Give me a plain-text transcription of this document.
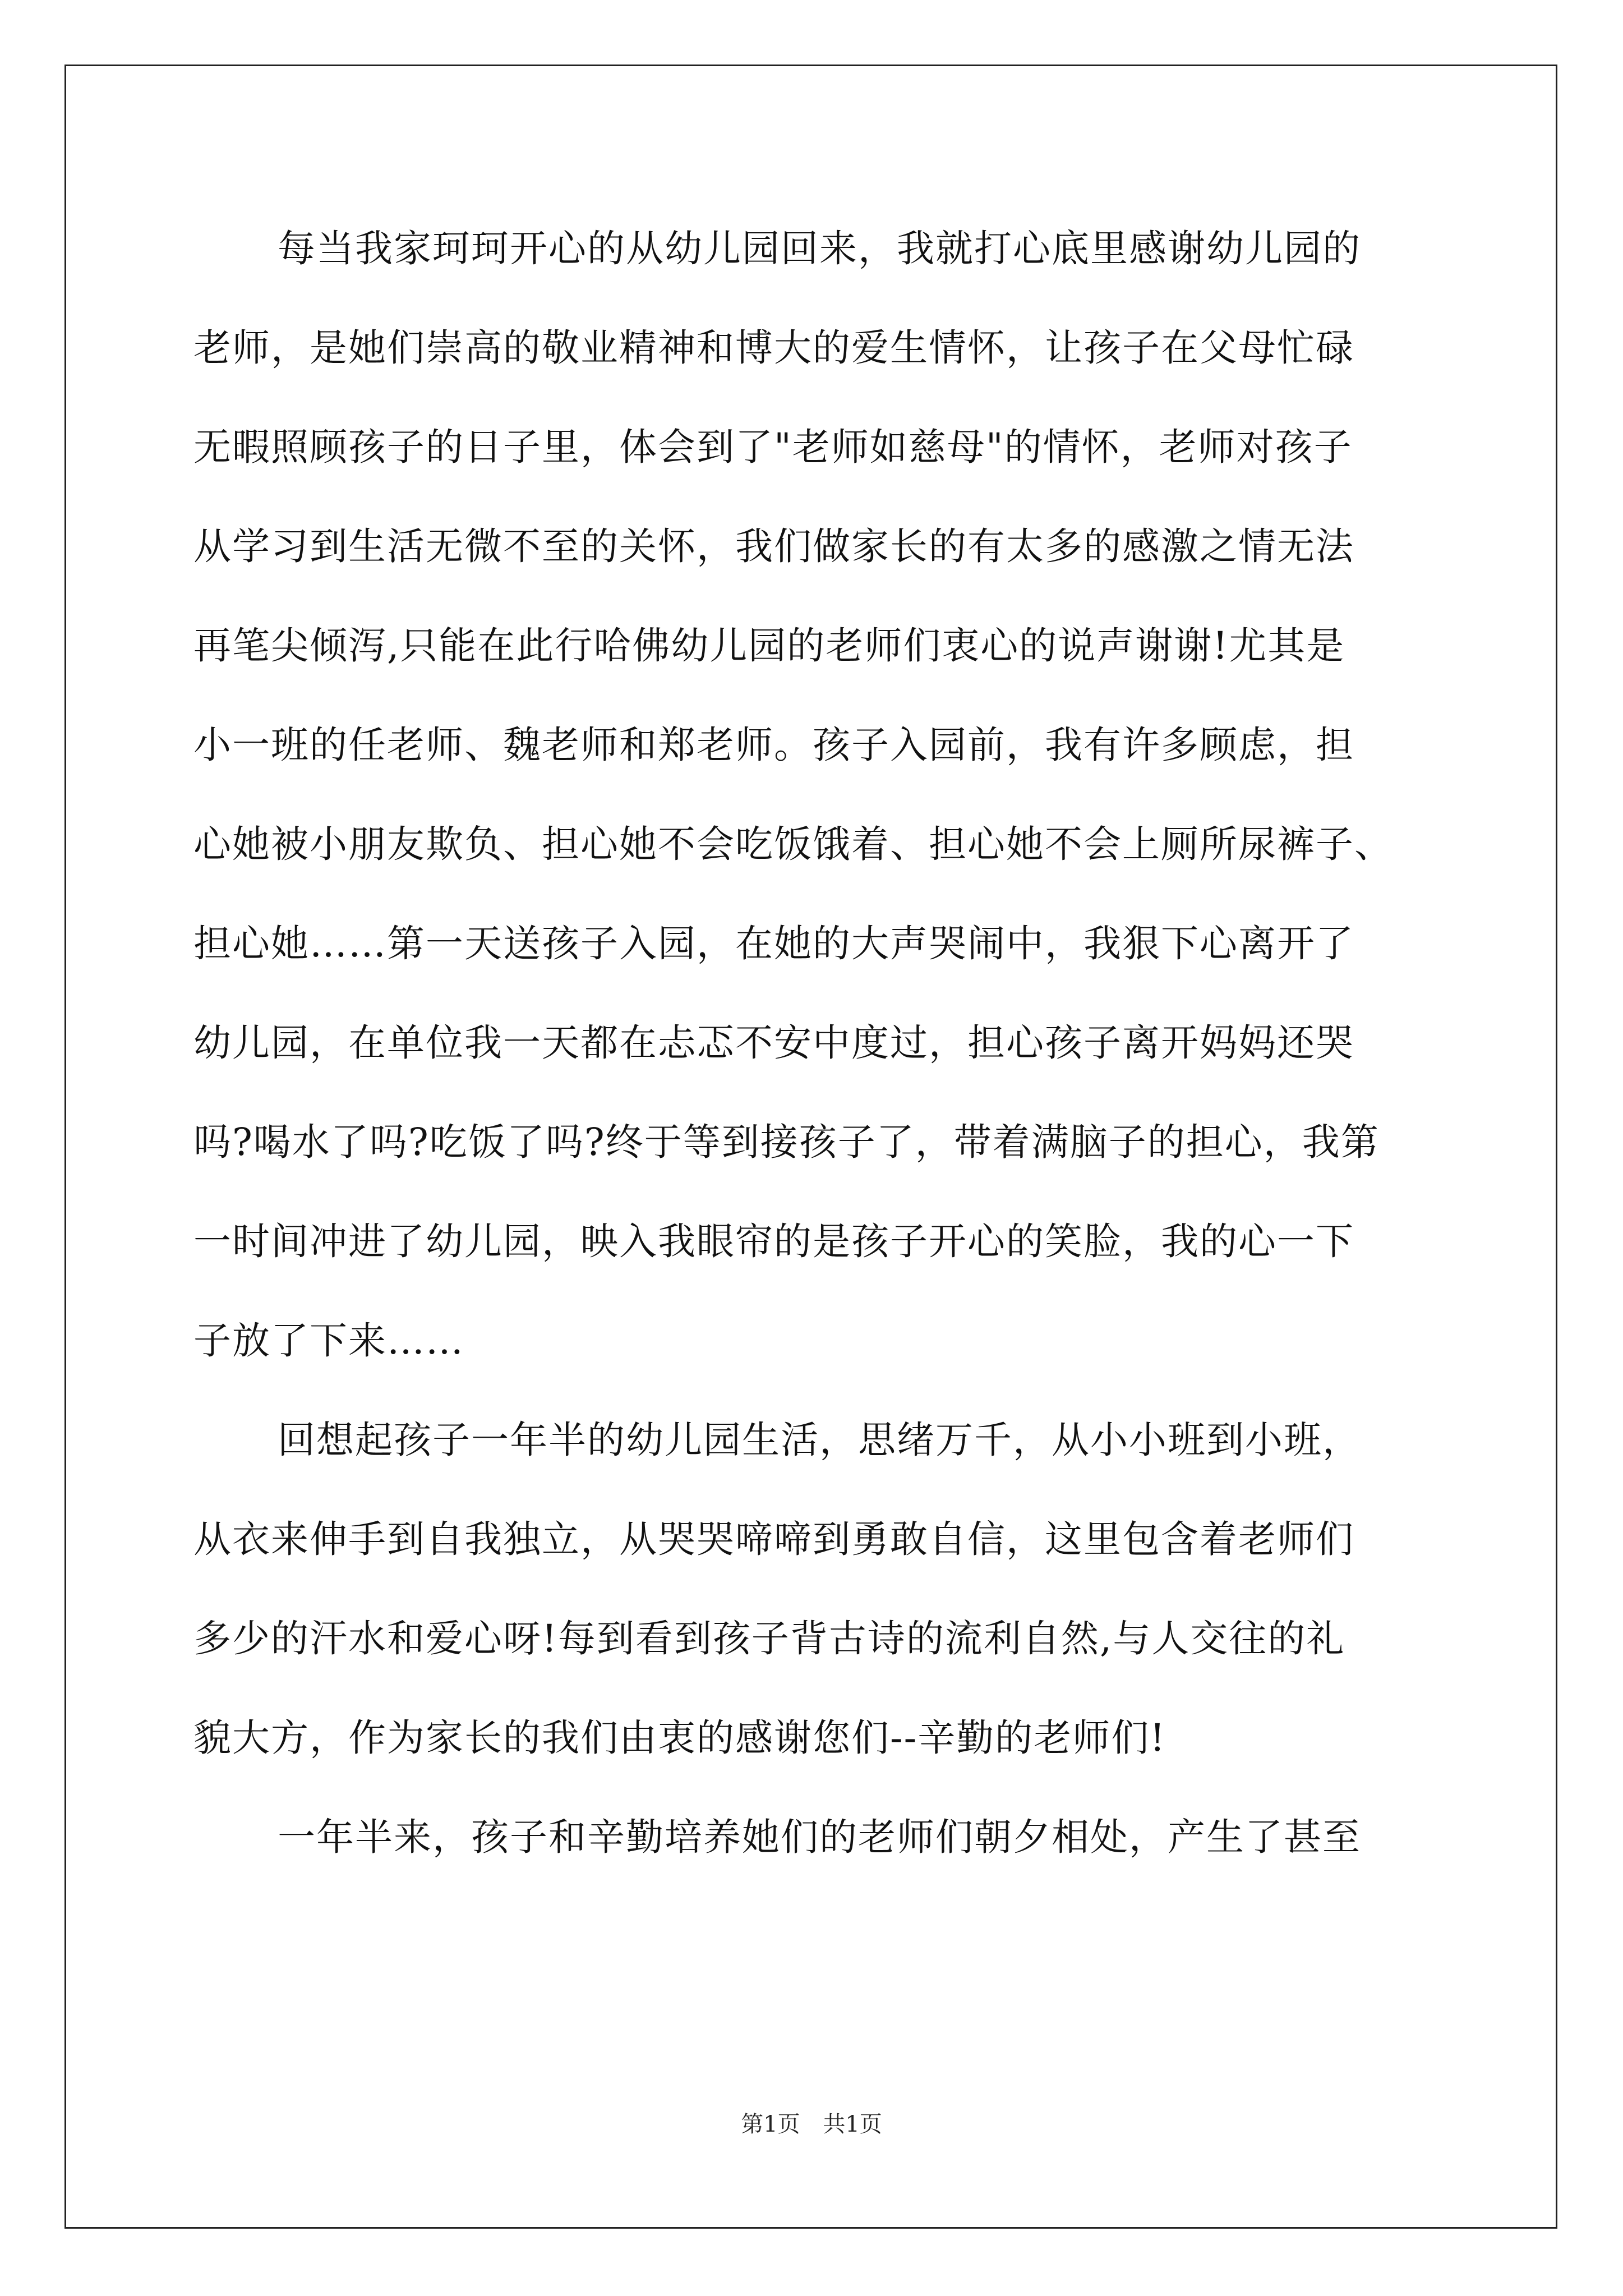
每当我家珂珂开心的从幼儿园回来，我就打心底里感谢幼儿园的
老师，是她们崇高的敬业精神和博大的爱生情怀，让孩子在父母忙碌
无暇照顾孩子的日子里，体会到了"老师如慈母"的情怀，老师对孩子
从学习到生活无微不至的关怀，我们做家长的有太多的感激之情无法
再笔尖倾泻,只能在此行哈佛幼儿园的老师们衷心的说声谢谢!尤其是
小一班的任老师、魏老师和郑老师。孩子入园前，我有许多顾虑，担
心她被小朋友欺负、担心她不会吃饭饿着、担心她不会上厕所尿裤子、
担心她……第一天送孩子入园，在她的大声哭闹中，我狠下心离开了
幼儿园，在单位我一天都在忐忑不安中度过，担心孩子离开妈妈还哭
吗?喝水了吗?吃饭了吗?终于等到接孩子了，带着满脑子的担心，我第
一时间冲进了幼儿园，映入我眼帘的是孩子开心的笑脸，我的心一下
子放了下来……
回想起孩子一年半的幼儿园生活，思绪万千，从小小班到小班，
从衣来伸手到自我独立，从哭哭啼啼到勇敢自信，这里包含着老师们
多少的汗水和爱心呀!每到看到孩子背古诗的流利自然,与人交往的礼
貌大方，作为家长的我们由衷的感谢您们--辛勤的老师们!
一年半来，孩子和辛勤培养她们的老师们朝夕相处，产生了甚至
第1页 共1页
